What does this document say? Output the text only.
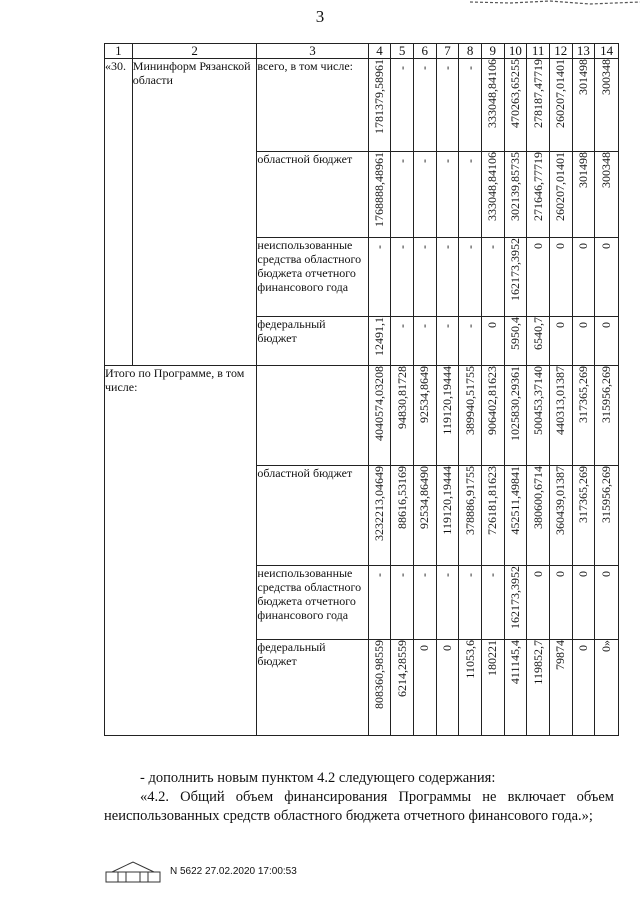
3
1	2	3	4	5	6	7	8	9	10	11	12	13	14
«30.	Мининформ Рязанской области	всего, в том числе:	1781379,58961	-	-	-	-	333048,84106	470263,65255	278187,47719	260207,01401	301498	300348
		областной бюджет	1768888,48961	-	-	-	-	333048,84106	302139,85735	271646,77719	260207,01401	301498	300348
		неиспользованные средства областного бюджета отчетного финансового года	-	-	-	-	-	-	162173,3952	0	0	0	0
		федеральный бюджет	12491,1	-	-	-	-	0	5950,4	6540,7	0	0	0
Итого по Программе, в том числе:			4040574,03208	94830,81728	92534,8649	119120,19444	389940,51755	906402,81623	1025830,29361	500453,37140	440313,01387	317365,269	315956,269
		областной бюджет	3232213,04649	88616,53169	92534,86490	119120,19444	378886,91755	726181,81623	452511,49841	380600,6714	360439,01387	317365,269	315956,269
		неиспользованные средства областного бюджета отчетного финансового года	-	-	-	-	-	-	162173,3952	0	0	0	0
		федеральный бюджет	808360,98559	6214,28559	0	0	11053,6	180221	411145,4	119852,7	79874	0	0»
- дополнить новым пунктом 4.2 следующего содержания:
«4.2. Общий объем финансирования Программы не включает объем неиспользованных средств областного бюджета отчетного финансового года.»;
N 5622 27.02.2020 17:00:53
